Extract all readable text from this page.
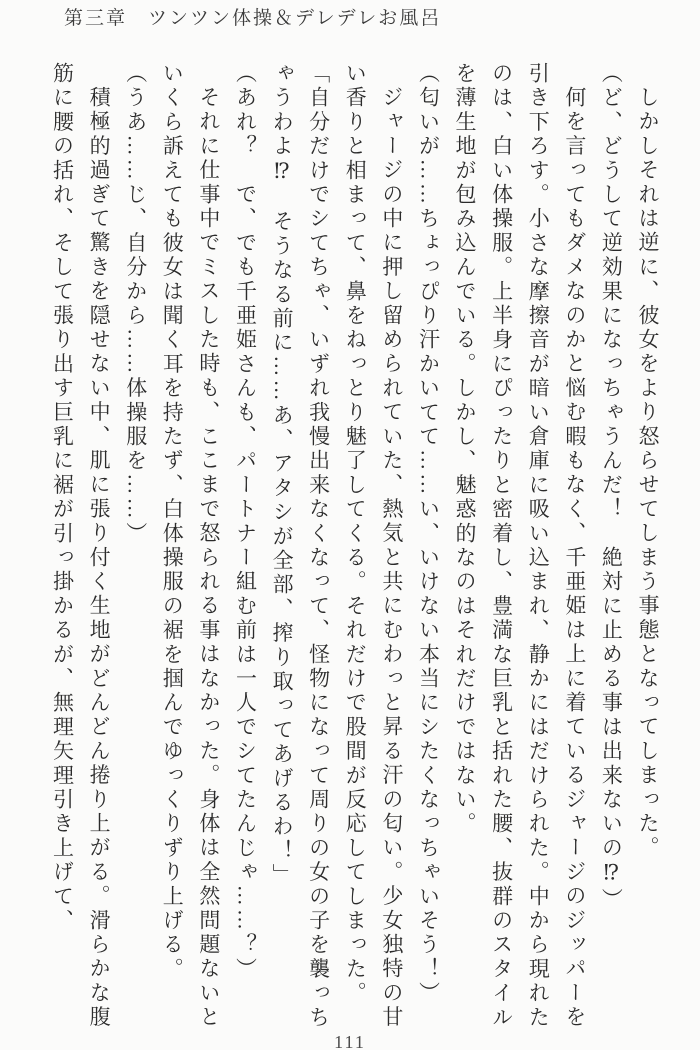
第三章　ツンツン体操＆デレデレお風呂

しかしそれは逆に、彼女をより怒らせてしまう事態となってしまった。

（ど、どうして逆効果になっちゃうんだ！　絶対に止める事は出来ないの⁉）

何を言ってもダメなのかと悩む暇もなく、千亜姫は上に着ているジャージのジッパーを

引き下ろす。小さな摩擦音が暗い倉庫に吸い込まれ、静かにはだけられた。中から現れた

のは、白い体操服。上半身にぴったりと密着し、豊満な巨乳と括れた腰、抜群のスタイル

を薄生地が包み込んでいる。しかし、魅惑的なのはそれだけではない。

（匂いが……ちょっぴり汗かいてて……い、いけない本当にシたくなっちゃいそう！）

ジャージの中に押し留められていた、熱気と共にむわっと昇る汗の匂い。少女独特の甘

い香りと相まって、鼻をねっとり魅了してくる。それだけで股間が反応してしまった。

「自分だけでシてちゃ、いずれ我慢出来なくなって、怪物になって周りの女の子を襲っち

ゃうわよ⁉　そうなる前に……あ、アタシが全部、搾り取ってあげるわ！」

（あれ？　で、でも千亜姫さんも、パートナー組む前は一人でシてたんじゃ……？）

それに仕事中でミスした時も、ここまで怒られる事はなかった。身体は全然問題ないと

いくら訴えても彼女は聞く耳を持たず、白体操服の裾を掴んでゆっくりずり上げる。

（うあ……じ、自分から……体操服を……）

積極的過ぎて驚きを隠せない中、肌に張り付く生地がどんどん捲り上がる。滑らかな腹

筋に腰の括れ、そして張り出す巨乳に裾が引っ掛かるが、無理矢理引き上げて、

111
